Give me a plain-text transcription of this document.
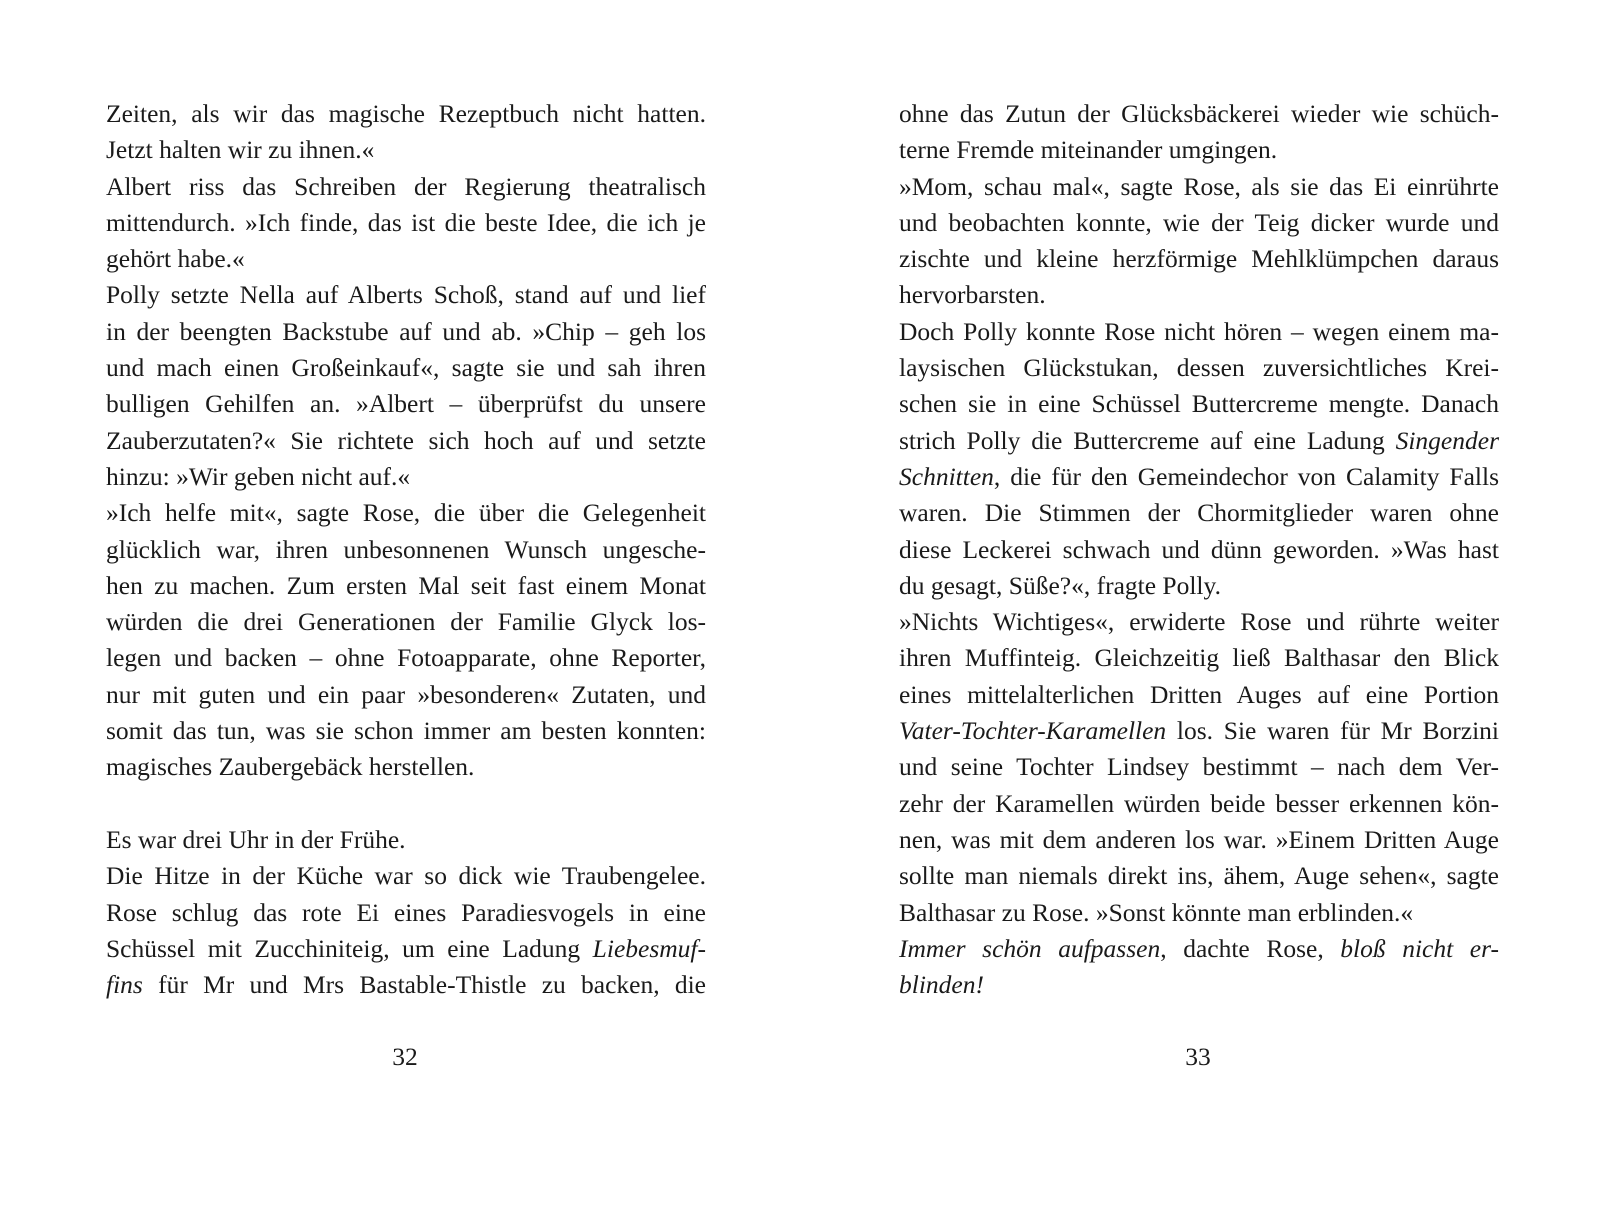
Zeiten, als wir das magische Rezeptbuch nicht hatten.
Jetzt halten wir zu ihnen.«
Albert riss das Schreiben der Regierung theatralisch
mittendurch. »Ich finde, das ist die beste Idee, die ich je
gehört habe.«
Polly setzte Nella auf Alberts Schoß, stand auf und lief
in der beengten Backstube auf und ab. »Chip – geh los
und mach einen Großeinkauf«, sagte sie und sah ihren
bulligen Gehilfen an. »Albert – überprüfst du unsere
Zauberzutaten?« Sie richtete sich hoch auf und setzte
hinzu: »Wir geben nicht auf.«
»Ich helfe mit«, sagte Rose, die über die Gelegenheit
glücklich war, ihren unbesonnenen Wunsch ungesche-
hen zu machen. Zum ersten Mal seit fast einem Monat
würden die drei Generationen der Familie Glyck los-
legen und backen – ohne Fotoapparate, ohne Reporter,
nur mit guten und ein paar »besonderen« Zutaten, und
somit das tun, was sie schon immer am besten konnten:
magisches Zaubergebäck herstellen.
Es war drei Uhr in der Frühe.
Die Hitze in der Küche war so dick wie Traubengelee.
Rose schlug das rote Ei eines Paradiesvogels in eine
Schüssel mit Zucchiniteig, um eine Ladung Liebesmuf-
fins für Mr und Mrs Bastable-Thistle zu backen, die
32
ohne das Zutun der Glücksbäckerei wieder wie schüch-
terne Fremde miteinander umgingen.
»Mom, schau mal«, sagte Rose, als sie das Ei einrührte
und beobachten konnte, wie der Teig dicker wurde und
zischte und kleine herzförmige Mehlklümpchen daraus
hervorbarsten.
Doch Polly konnte Rose nicht hören – wegen einem ma-
laysischen Glückstukan, dessen zuversichtliches Krei-
schen sie in eine Schüssel Buttercreme mengte. Danach
strich Polly die Buttercreme auf eine Ladung Singender
Schnitten, die für den Gemeindechor von Calamity Falls
waren. Die Stimmen der Chormitglieder waren ohne
diese Leckerei schwach und dünn geworden. »Was hast
du gesagt, Süße?«, fragte Polly.
»Nichts Wichtiges«, erwiderte Rose und rührte weiter
ihren Muffinteig. Gleichzeitig ließ Balthasar den Blick
eines mittelalterlichen Dritten Auges auf eine Portion
Vater-Tochter-Karamellen los. Sie waren für Mr Borzini
und seine Tochter Lindsey bestimmt – nach dem Ver-
zehr der Karamellen würden beide besser erkennen kön-
nen, was mit dem anderen los war. »Einem Dritten Auge
sollte man niemals direkt ins, ähem, Auge sehen«, sagte
Balthasar zu Rose. »Sonst könnte man erblinden.«
Immer schön aufpassen, dachte Rose, bloß nicht er-
blinden!
33
